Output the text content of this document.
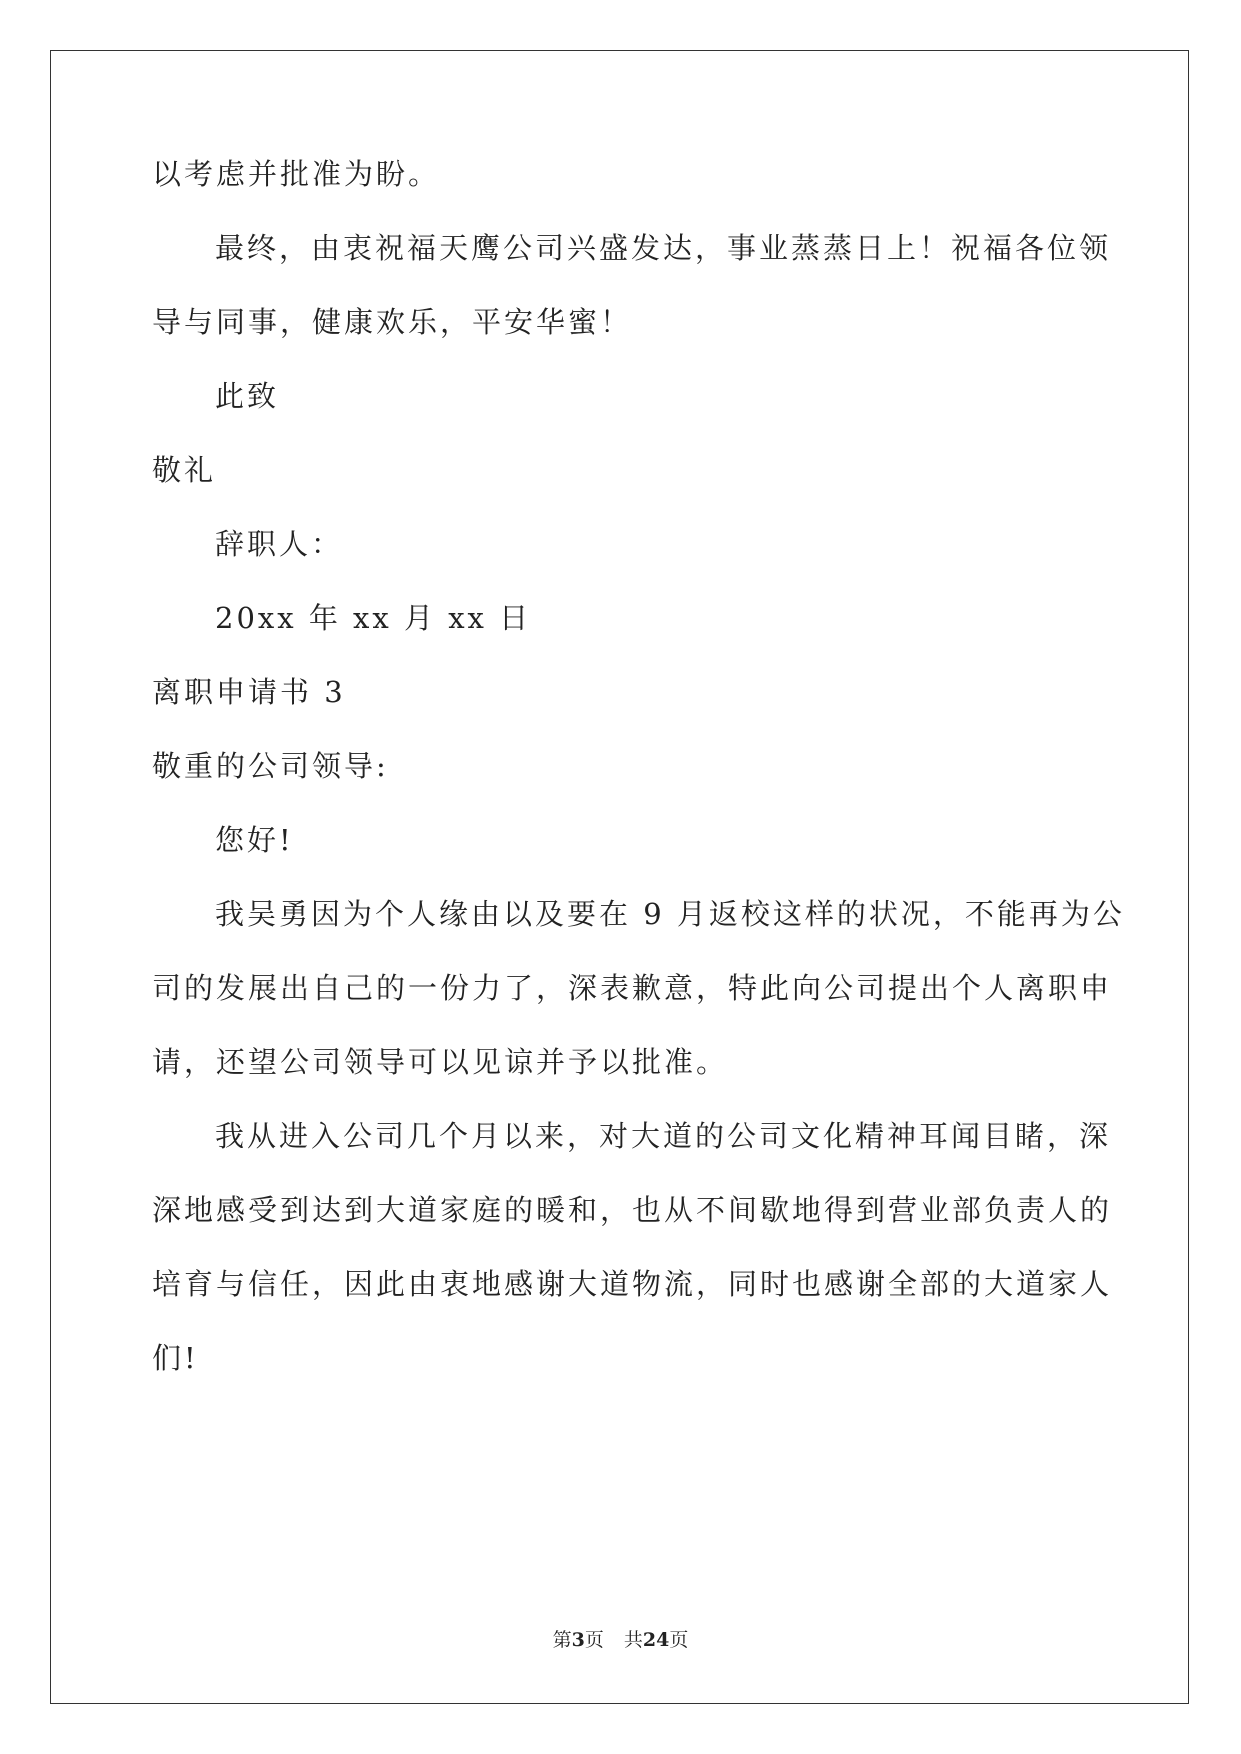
以考虑并批准为盼。
最终，由衷祝福天鹰公司兴盛发达，事业蒸蒸日上！祝福各位领
导与同事，健康欢乐，平安华蜜！
此致
敬礼
辞职人：
20xx 年 xx 月 xx 日
离职申请书 3
敬重的公司领导:
您好!
我吴勇因为个人缘由以及要在 9 月返校这样的状况，不能再为公
司的发展出自己的一份力了，深表歉意，特此向公司提出个人离职申
请，还望公司领导可以见谅并予以批准。
我从进入公司几个月以来，对大道的公司文化精神耳闻目睹，深
深地感受到达到大道家庭的暖和，也从不间歇地得到营业部负责人的
培育与信任，因此由衷地感谢大道物流，同时也感谢全部的大道家人
们!
第3页 共24页
